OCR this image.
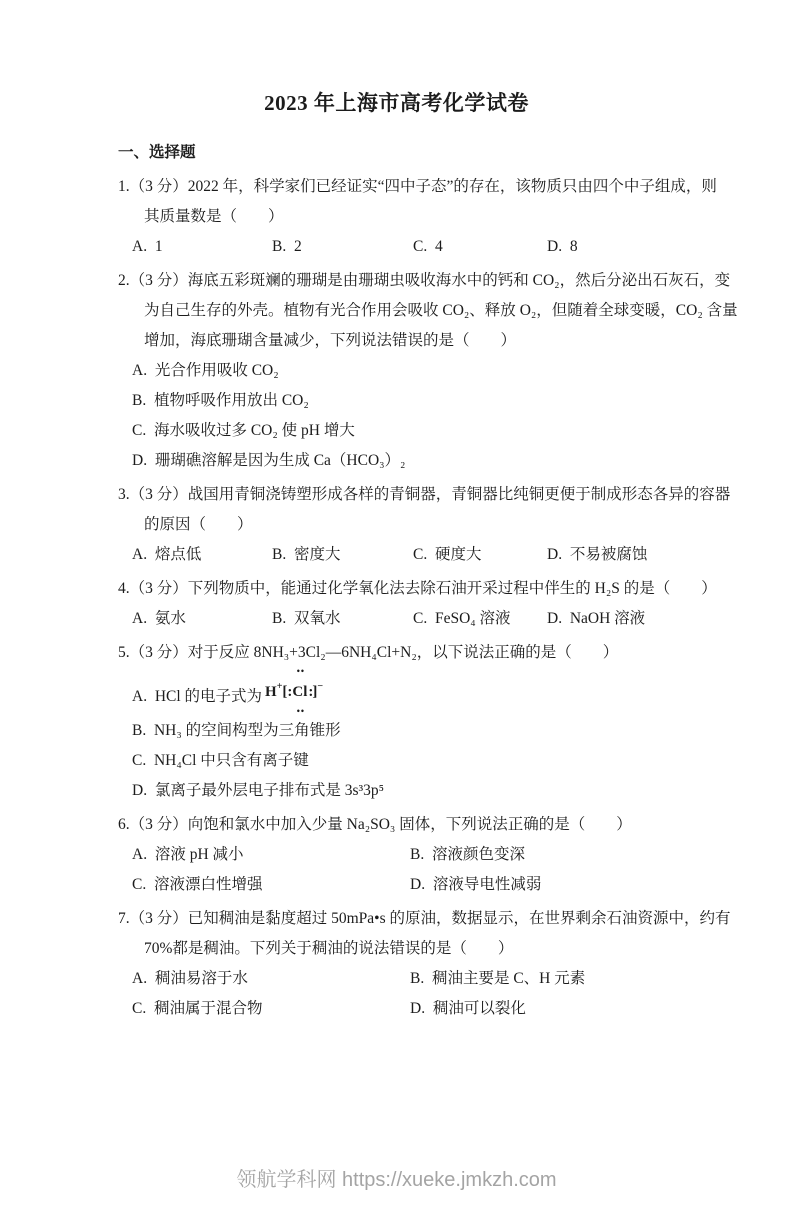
2023 年上海市高考化学试卷
一、选择题
1.（3 分）2022 年，科学家们已经证实“四中子态”的存在，该物质只由四个中子组成，则
其质量数是（　　）
A.  1	B.  2	C.  4	D.  8
2.（3 分）海底五彩斑斓的珊瑚是由珊瑚虫吸收海水中的钙和 CO₂，然后分泌出石灰石，变
为自己生存的外壳。植物有光合作用会吸收 CO₂、释放 O₂，但随着全球变暖，CO₂ 含量
增加，海底珊瑚含量减少，下列说法错误的是（　　）
A.  光合作用吸收 CO₂
B.  植物呼吸作用放出 CO₂
C.  海水吸收过多 CO₂ 使 pH 增大
D.  珊瑚礁溶解是因为生成 Ca（HCO₃）₂
3.（3 分）战国用青铜浇铸塑形成各样的青铜器，青铜器比纯铜更便于制成形态各异的容器
的原因（　　）
A.  熔点低	B.  密度大	C.  硬度大	D.  不易被腐蚀
4.（3 分）下列物质中，能通过化学氧化法去除石油开采过程中伴生的 H₂S 的是（　　）
A.  氨水	B.  双氧水	C.  FeSO₄ 溶液	D.  NaOH 溶液
5.（3 分）对于反应 8NH₃+3Cl₂—6NH₄Cl+N₂，以下说法正确的是（　　）
A.  HCl 的电子式为 H+[:
••
Cl
••
:]−
B.  NH₃ 的空间构型为三角锥形
C.  NH₄Cl 中只含有离子键
D.  氯离子最外层电子排布式是 3s³3p⁵
6.（3 分）向饱和氯水中加入少量 Na₂SO₃ 固体，下列说法正确的是（　　）
A.  溶液 pH 减小	B.  溶液颜色变深
C.  溶液漂白性增强	D.  溶液导电性减弱
7.（3 分）已知稠油是黏度超过 50mPa•s 的原油，数据显示，在世界剩余石油资源中，约有
70%都是稠油。下列关于稠油的说法错误的是（　　）
A.  稠油易溶于水	B.  稠油主要是 C、H 元素
C.  稠油属于混合物	D.  稠油可以裂化
领航学科网 https://xueke.jmkzh.com
